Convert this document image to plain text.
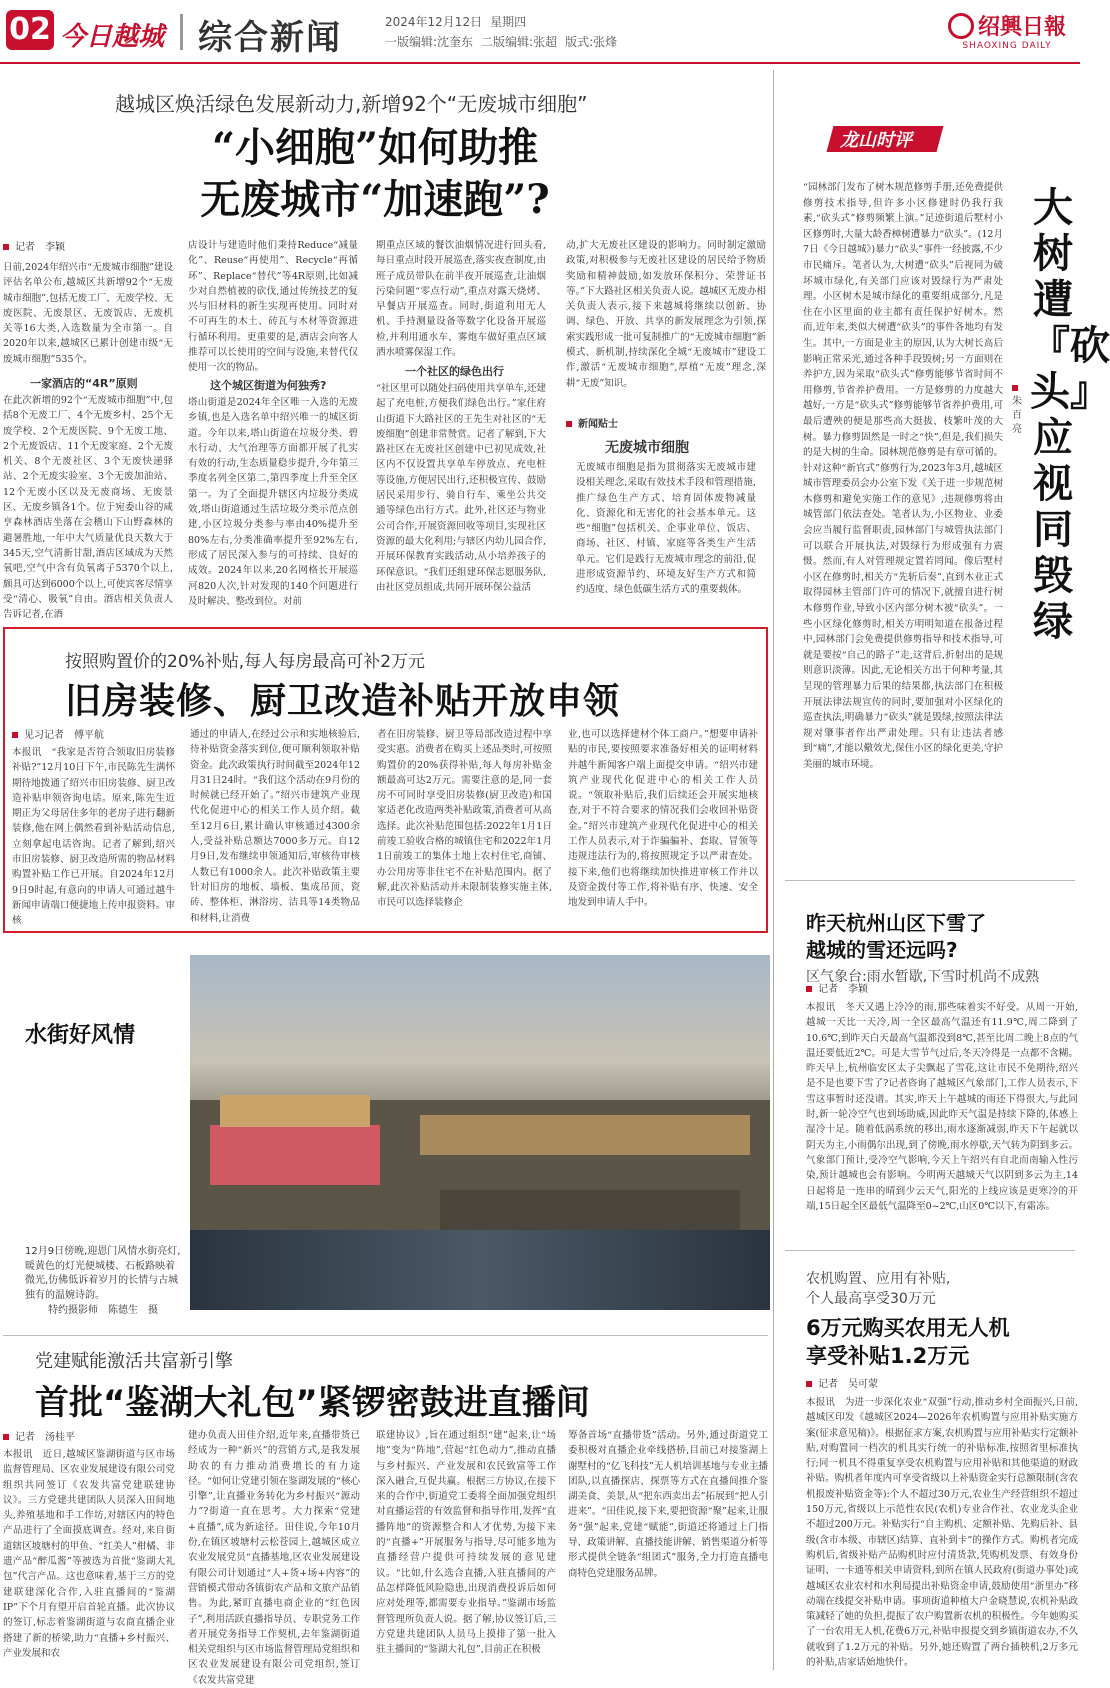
02 今日越城 综合新闻	2024年12月12日 星期四
一版编辑:沈奎东 二版编辑:张超 版式:张烽
绍興日報
SHAOXING DAILY
越城区焕活绿色发展新动力,新增92个“无废城市细胞”
“小细胞”如何助推
无废城市“加速跑”?
记者　李颖
日前,2024年绍兴市“无废城市细胞”建设评估名单公布,越城区共新增92个“无废城市细胞”,包括无废工厂、无废学校、无废医院、无废景区、无废饭店、无废机关等16大类,入选数量为全市第一。自2020年以来,越城区已累计创建市级“无废城市细胞”535个。
一家酒店的“4R”原则
在此次新增的92个“无废城市细胞”中,包括8个无废工厂、4个无废乡村、25个无废学校、2个无废医院、9个无废工地、2个无废饭店、11个无废家庭、2个无废机关、8个无废社区、3个无废快递驿站、2个无废实验室、3个无废加油站、12个无废小区以及无废商场、无废景区、无废乡镇各1个。位于宛委山谷的咸亨森林酒店坐落在会稽山下山野森林的避暑胜地,一年中大气质量优良天数大于345天,空气清新甘甜,酒店区域成为天然氧吧,空气中含有负氧离子5370个以上,颇具可达到6000个以上,可使宾客尽情享受“清心、吸氧”自由。酒店相关负责人告诉记者,在酒
店设计与建造时他们秉持Reduce“减量化”、Reuse“再使用”、Recycle“再循环”、Replace“替代”等4R原则,比如减少对自然植被的砍伐,通过传统技艺的复兴与旧材料的新生实现再使用。同时对不可再生的木土、砖瓦与木材等资源进行循环利用。更重要的是,酒店会向客人推荐可以长使用的空间与设施,来替代仅使用一次的物品。
这个城区街道为何独秀?
塔山街道是2024年全区唯一入选的无废乡镇,也是入选名单中绍兴唯一的城区街道。今年以来,塔山街道在垃圾分类、碧水行动、大气治理等方面都开展了扎实有效的行动,生态质量稳步提升,今年第三季度名列全区第二,第四季度上升至全区第一。为了全面提升辖区内垃圾分类成效,塔山街道通过生活垃圾分类示范点创建,小区垃圾分类参与率由40%提升至80%左右,分类准确率提升至92%左右,形成了居民深入参与的可持续、良好的成效。2024年以来,20名网格长开展巡河820人次,针对发现的140个问题进行及时解决、整改到位。对前
期重点区域的餐饮油烟情况进行回头看,每日重点时段开展巡查,落实夜查制度,由班子成员带队在前半夜开展巡查,让油烟污染问题“零点行动”,重点对露天烧烤、早餐店开展巡查。同时,街道利用无人机、手持测量设备等数字化设备开展巡检,并利用通水车、雾炮车做好重点区域洒水喷雾保湿工作。
一个社区的绿色出行
“社区里可以随处扫码使用共享单车,还建起了充电桩,方便我们绿色出行。”家住府山街道下大路社区的王先生对社区的“无废细胞”创建非常赞赏。记者了解到,下大路社区在无废社区创建中已初见成效,社区内不仅设置共享单车停放点、充电桩等设施,方便居民出行,还积极宣传、鼓励居民采用步行、骑自行车、乘坐公共交通等绿色出行方式。此外,社区还与物业公司合作,开展资源回收等项目,实现社区资源的最大化利用;与辖区内幼儿园合作,开展环保教育实践活动,从小培养孩子的环保意识。“我们还组建环保志愿服务队,由社区党员组成,共同开展环保公益活
动,扩大无废社区建设的影响力。同时制定激励政策,对积极参与无废社区建设的居民给予物质奖励和精神鼓励,如发放环保积分、荣誉证书等。”下大路社区相关负责人说。越城区无废办相关负责人表示,接下来越城将继续以创新、协调、绿色、开放、共享的新发展理念为引领,探索实践形成一批可复制推广的“无废城市细胞”新模式、新机制,持续深化全城“无废城市”建设工作,激活“无废城市细胞”,厚植“无废”理念,深耕“无废”知识。
新闻贴士
无废城市细胞
无废城市细胞是指为贯彻落实无废城市建设相关理念,采取有效技术手段和管理措施,推广绿色生产方式、培育固体废物减量化、资源化和无害化的社会基本单元。这些“细胞”包括机关、企事业单位、饭店、商场、社区、村镇、家庭等各类生产生活单元。它们是践行无废城市理念的前沿,促进形成资源节约、环境友好生产方式和简约适度、绿色低碳生活方式的重要载体。
龙山时评
大树遭『砍头』应视同毁绿
朱百亮
“园林部门发布了树木规范修剪手册,还免费提供修剪技术指导,但许多小区修建时仍我行我素,“砍头式”修剪频繁上演。”足迹街道后墅村小区修剪时,大量大龄香樟树遭暴力“砍头”。(12月7日《今日越城》)暴力“砍头”事件一经披露,不少市民痛斥。笔者认为,大树遭“砍头”后视同为破坏城市绿化,有关部门应该对毁绿行为严肃处理。小区树木是城市绿化的重要组成部分,凡是住在小区里面的业主都有责任保护好树木。然而,近年来,类似大树遭“砍头”的事件各地均有发生。其中,一方面是业主的原因,认为大树长高后影响正常采光,通过各种手段毁树;另一方面则在养护方,因为采取“砍头式”修剪能够节省时间不用修剪,节省养护费用。一方是修剪的力度越大越好,一方是“砍头式”修剪能够节省养护费用,可最后遭殃的便是那些高大挺拔、枝繁叶茂的大树。暴力修剪固然是一时之“快”,但是,我们损失的是大树的生命。园林规范修剪是有章可循的。针对这种“新官式”修剪行为,2023年3月,越城区城市管理委员会办公室下发《关于进一步规范树木修剪和避免实施工作的意见》,违规修剪将由城管部门依法查处。笔者认为,小区物业、业委会应当履行监督职责,园林部门与城管执法部门可以联合开展执法,对毁绿行为形成强有力震慑。然而,有人对管理规定置若罔闻。像后墅村小区在修剪时,相关方“先斩后奏”,直到木业正式取得园林主管部门许可的情况下,就擅自进行树木修剪作业,导致小区内部分树木被“砍头”。一些小区绿化修剪时,相关方明明知道在报备过程中,园林部门会免费提供修剪指导和技术指导,可就是要按“自己的路子”走,这背后,折射出的是规则意识淡薄。因此,无论相关方出于何种考量,其呈现的管理暴力后果的结果都,执法部门在积极开展法律法规宣传的同时,要加强对小区绿化的巡查执法,明确暴力“砍头”就是毁绿,按照法律法规对肇事者作出严肃处理。只有让违法者感到“痛”,才能以儆效尤,保住小区的绿化更美,守护美丽的城市环境。
按照购置价的20%补贴,每人每房最高可补2万元
旧房装修、厨卫改造补贴开放申领
见习记者　傅平航
本报讯　“我家是否符合领取旧房装修补贴?”12月10日下午,市民陈先生满怀期待地拨通了绍兴市旧房装修、厨卫改造补贴申领咨询电话。原来,陈先生近期正为父母居住多年的老房子进行翻新装修,他在网上偶然看到补贴活动信息,立刻拿起电话咨询。记者了解到,绍兴市旧房装修、厨卫改造所需的物品材料购置补贴工作已开展。自2024年12月9日9时起,有意向的申请人可通过越牛新闻申请端口便捷地上传申报资料。审核
通过的申请人,在经过公示和实地核验后,待补贴资金落实到位,便可顺利领取补贴资金。此次政策执行时间截至2024年12月31日24时。“我们这个活动在9月份的时候就已经开始了。”绍兴市建筑产业现代化促进中心的相关工作人员介绍。截至12月6日,累计确认审核通过4300余人,受益补贴总额达7000多万元。自12月9日,发布继续申领通知后,审核待审核人数已有1000余人。此次补贴政策主要针对旧房的地板、墙板、集成吊顶、瓷砖、整体柜、淋浴房、洁具等14类物品和材料,让消费
者在旧房装修、厨卫等局部改造过程中享受实惠。消费者在购买上述品类时,可按照购置价的20%获得补贴,每人每房补贴金额最高可达2万元。需要注意的是,同一套房不可同时享受旧房装修(厨卫改造)和国家适老化改造两类补贴政策,消费者可从高选择。此次补贴范围包括:2022年1月1日前竣工验收合格的城镇住宅和2022年1月1日前竣工的集体土地上农村住宅,商铺、办公用房等非住宅不在补贴范围内。据了解,此次补贴活动并未限制装修实施主体,市民可以选择装修企
业,也可以选择建材个体工商户。”想要申请补贴的市民,要按照要求准备好相关的证明材料并越牛新闻客户端上面提交申请。“绍兴市建筑产业现代化促进中心的相关工作人员说。“领取补贴后,我们后续还会开展实地核查,对于不符合要求的情况我们会收回补贴资金。”绍兴市建筑产业现代化促进中心的相关工作人员表示,对于诈骗骗补、套取、冒领等违规违法行为的,将按照规定予以严肃查处。接下来,他们也将继续加快推进审核工作并以及资金拨付等工作,将补贴有序、快速、安全地发到申请人手中。
水街好风情
12月9日傍晚,迎恩门风情水街亮灯,暖黄色的灯光便城楼、石板路映着微光,仿佛低诉着岁月的长情与古城独有的温婉诗韵。
特约摄影师　陈德生　摄
昨天杭州山区下雪了
越城的雪还远吗?
区气象台:雨水暂歇,下雪时机尚不成熟
记者　李颖
本报讯　冬天又遇上冷冷的雨,那些味着实不好受。从周一开始,越城一天比一天冷,周一全区最高气温还有11.9℃,周二降到了10.6℃,到昨天白天最高气温都没到8℃,甚至比周二晚上8点的气温还要低近2℃。可是大雪节气过后,冬天冷得是一点都不含糊。昨天早上,杭州临安区太子尖飘起了雪花,这让市民不免期待,绍兴是不是也要下雪了?记者咨询了越城区气象部门,工作人员表示,下雪这事暂时还没谱。其实,昨天上午越城的雨还下得很大,与此同时,新一轮冷空气也到场助威,因此昨天气温是持续下降的,体感上湿冷十足。随着低涡系统的移出,雨水逐渐减弱,昨天下午起就以阴天为主,小雨偶尔出现,到了傍晚,雨水停歇,天气转为阴到多云。气象部门预计,受冷空气影响,今天上午绍兴有自北而南输入性污染,预计越城也会有影响。今明两天越城天气以阴到多云为主,14日起将是一连串的晴到少云天气,阳光的上线应该是更寒冷的开端,15日起全区最低气温降至0~2℃,山区0℃以下,有霜冻。
农机购置、应用有补贴,
个人最高享受30万元
6万元购买农用无人机
享受补贴1.2万元
记者　吴可蒙
本报讯　为进一步深化农业“双强”行动,推动乡村全面振兴,日前,越城区印发《越城区2024—2026年农机购置与应用补贴实施方案(征求意见稿)》。根据征求方案,农机购置与应用补贴实行定额补贴,对购置同一档次的机具实行统一的补贴标准,按照省里标准执行;同一机具不得重复享受农机购置与应用补贴和其他渠道的财政补贴。购机者年度内可享受省级以上补贴资金实行总额限制(含农机报废补贴资金等):个人不超过30万元,农业生产经营组织不超过150万元,省级以上示范性农民(农机)专业合作社、农业龙头企业不超过200万元。补贴实行“自主购机、定额补贴、先购后补、县级(含市本级、市辖区)结算、直补到卡”的操作方式。购机者完成购机后,省级补贴产品购机时应付清货款,凭购机发票、有效身份证明、一卡通等相关申请资料,到所在镇人民政府(街道办事处)或越城区农业农村和水利局提出补贴资金申请,鼓励使用“浙里办”移动端在线提交补贴申请。事项街道种植大户金晓慧说,农机补贴政策减轻了她的负担,提振了农户购置新农机的积极性。今年她购买了一台农用无人机,花费6万元,补贴申报提交到乡镇街道农办,不久就收到了1.2万元的补贴。另外,她还购置了两台插秧机,2万多元的补贴,店家话始地快什。
党建赋能激活共富新引擎
首批“鉴湖大礼包”紧锣密鼓进直播间
记者　汤桂平
本报讯　近日,越城区鉴湖街道与区市场监督管理局、区农业发展建设有限公司党组织共同签订《农发共富党建联建协议》。三方党建共建团队人员深入田间地头,养殖基地和手工作坊,对辖区内的特色产品进行了全面摸底调查。经对,来自街道辖区坡塘村的甲鱼、“红美人”柑橘、非遗产品“醉瓜酱”等被选为首批“鉴湖大礼包”代言产品。这也意味着,基于三方的党建联建深化合作,入驻直播间的“鉴湖IP”下个月有望开启首轮直播。此次协议的签订,标志着鉴湖街道与农商直播企业搭建了新的桥梁,助力“直播+乡村振兴、产业发展和农
建办负责人田佳介绍,近年来,直播带货已经成为一种“新兴”的营销方式,是我发展助农的有力推动消费增长的有力途径。“如何让党建引领在鉴湖发展的“核心引擎”,让直播业务转化为乡村振兴“源动力”?街道一直在思考。大力探索“党建+直播”,成为新途径。田佳说,今年10月份,在镇区坡塘村云松苍园上,越城区成立农业发展党员“直播基地,区农业发展建设有限公司计划通过“人+货+场+内容”的营销模式带动各镇街农产品和文旅产品销售。为此,紧盯直播电商企业的“红色因子”,利用活跃直播指导员、专职党务工作者开展党务指导工作契机,去年鉴湖街道相关党组织与区市场监督管理局党组织和区农业发展建设有限公司党组织,签订《农发共富党建
联建协议》,旨在通过组织“建”起来,让“场地”变为“阵地”,营起“红色动力”,推动直播与乡村振兴、产业发展和农民致富等工作深入融合,互促共赢。根据三方协议,在接下来的合作中,街道党工委将全面加强党组织对直播运营的有效监督和指导作用,发挥“直播阵地”的资源整合和人才优势,为接下来的“直播+”开展服务与指导,尽可能多地为直播经营户提供可持续发展的意见建议。“比如,什么选合直播,入驻直播间的产品怎样降低风险隐患,出现消费投诉后如何应对处理等,都需要专业指导。”鉴湖市场监督管理所负责人说。据了解,协议签订后,三方党建共建团队人员马上摸排了第一批入驻主播间的“鉴湖大礼包”,目前正在积极
筹备首场“直播带货”活动。另外,通过街道党工委积极对直播企业牵线搭桥,目前已对接鉴湖上谢墅村的“亿飞科技”无人机培训基地与专业主播团队,以直播探店、探票等方式在直播间推介鉴湖美食、美景,从“把东西卖出去”拓展到“把人引进来”。“田佳说,接下来,要把资源“聚”起来,让服务“强”起来,党建“赋能”,街道还将通过上门指导、政策讲解、直播技能讲解、销售渠道分析等形式提供全链条“组团式”服务,全力打造直播电商特色党建服务品牌。
